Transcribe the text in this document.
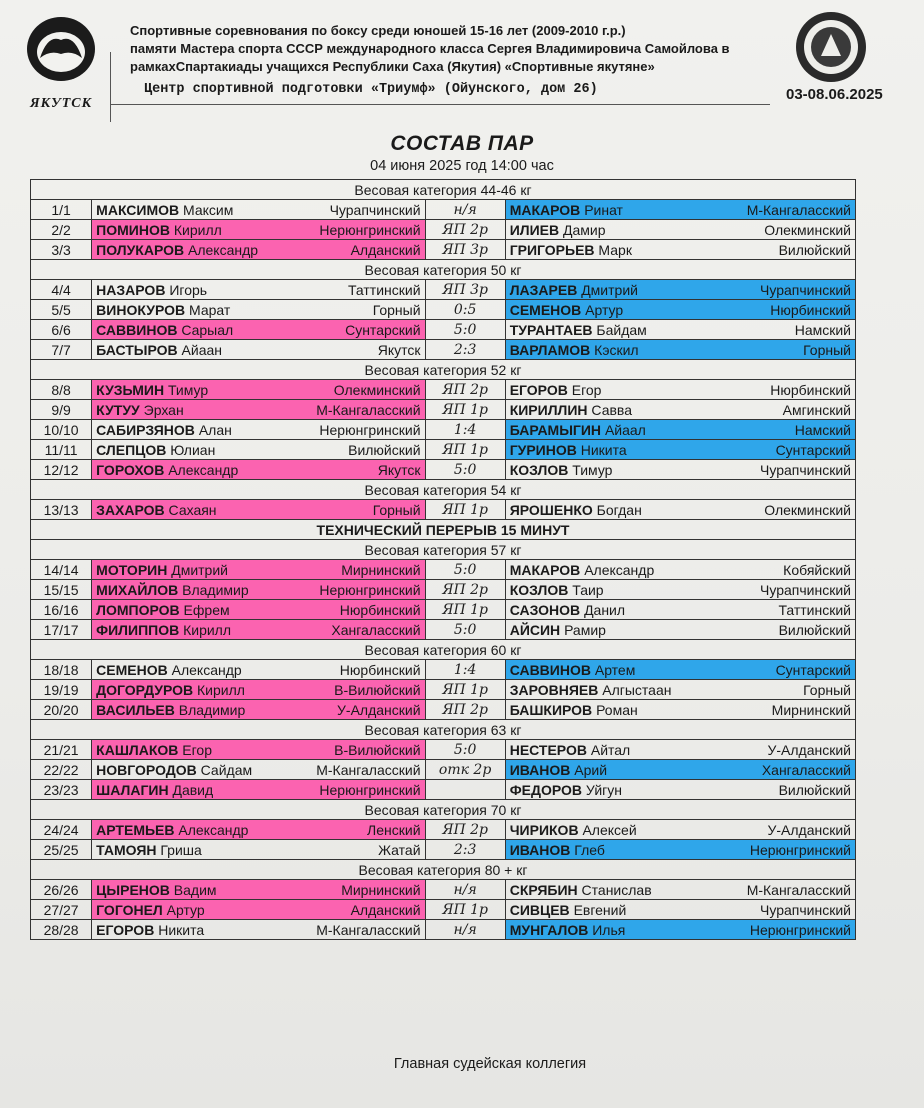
ЯКУТСК
Спортивные соревнования по боксу среди юношей 15-16 лет (2009-2010 г.р.)
памяти Мастера спорта СССР международного класса Сергея Владимировича Самойлова в
рамкахСпартакиады учащихся Республики Саха (Якутия) «Спортивные якутяне»
Центр спортивной подготовки «Триумф» (Ойунского, дом 26)	03-08.06.2025
СОСТАВ ПАР
04 июня 2025 год 14:00 час
Весовая категория 44-46 кг			
1/1	МАКСИМОВ Максим Чурапчинский	н/я	МАКАРОВ Ринат М-Кангаласский

2/2	ПОМИНОВ Кирилл Нерюнгринский	ЯП 2р	ИЛИЕВ Дамир Олекминский

3/3	ПОЛУКАРОВ Александр Алданский	ЯП 3р	ГРИГОРЬЕВ Марк Вилюйский

Весовая категория 50 кг			
4/4	НАЗАРОВ Игорь Таттинский	ЯП 3р	ЛАЗАРЕВ Дмитрий Чурапчинский

5/5	ВИНОКУРОВ Марат Горный	0:5	СЕМЕНОВ Артур Нюрбинский

6/6	САВВИНОВ Сарыал Сунтарский	5:0	ТУРАНТАЕВ Байдам Намский

7/7	БАСТЫРОВ Айаан Якутск	2:3	ВАРЛАМОВ Кэскил Горный

Весовая категория 52 кг			
8/8	КУЗЬМИН Тимур Олекминский	ЯП 2р	ЕГОРОВ Егор Нюрбинский

9/9	КУТУУ Эрхан М-Кангаласский	ЯП 1р	КИРИЛЛИН Савва Амгинский

10/10	САБИРЗЯНОВ Алан Нерюнгринский	1:4	БАРАМЫГИН Айаал Намский

11/11	СЛЕПЦОВ Юлиан Вилюйский	ЯП 1р	ГУРИНОВ Никита Сунтарский

12/12	ГОРОХОВ Александр Якутск	5:0	КОЗЛОВ Тимур Чурапчинский

Весовая категория 54 кг			
13/13	ЗАХАРОВ Сахаян Горный	ЯП 1р	ЯРОШЕНКО Богдан Олекминский

ТЕХНИЧЕСКИЙ ПЕРЕРЫВ 15 МИНУТ			
Весовая категория 57 кг			
14/14	МОТОРИН Дмитрий Мирнинский	5:0	МАКАРОВ Александр Кобяйский

15/15	МИХАЙЛОВ Владимир Нерюнгринский	ЯП 2р	КОЗЛОВ Таир Чурапчинский

16/16	ЛОМПОРОВ Ефрем Нюрбинский	ЯП 1р	САЗОНОВ Данил Таттинский

17/17	ФИЛИППОВ Кирилл Хангаласский	5:0	АЙСИН Рамир Вилюйский

Весовая категория 60 кг			
18/18	СЕМЕНОВ Александр Нюрбинский	1:4	САВВИНОВ Артем Сунтарский

19/19	ДОГОРДУРОВ Кирилл В-Вилюйский	ЯП 1р	ЗАРОВНЯЕВ Алгыстаан Горный

20/20	ВАСИЛЬЕВ Владимир У-Алданский	ЯП 2р	БАШКИРОВ Роман Мирнинский

Весовая категория 63 кг			
21/21	КАШЛАКОВ Егор В-Вилюйский	5:0	НЕСТЕРОВ Айтал У-Алданский

22/22	НОВГОРОДОВ Сайдам М-Кангаласский	отк 2р	ИВАНОВ Арий Хангаласский

23/23	ШАЛАГИН Давид Нерюнгринский		ФЕДОРОВ Уйгун Вилюйский

Весовая категория 70 кг			
24/24	АРТЕМЬЕВ Александр Ленский	ЯП 2р	ЧИРИКОВ Алексей У-Алданский

25/25	ТАМОЯН Гриша Жатай	2:3	ИВАНОВ Глеб Нерюнгринский

Весовая категория 80 + кг			
26/26	ЦЫРЕНОВ Вадим Мирнинский	н/я	СКРЯБИН Станислав М-Кангаласский

27/27	ГОГОНЕЛ Артур Алданский	ЯП 1р	СИВЦЕВ Евгений Чурапчинский

28/28	ЕГОРОВ Никита М-Кангаласский	н/я	МУНГАЛОВ Илья Нерюнгринский
Главная судейская коллегия
